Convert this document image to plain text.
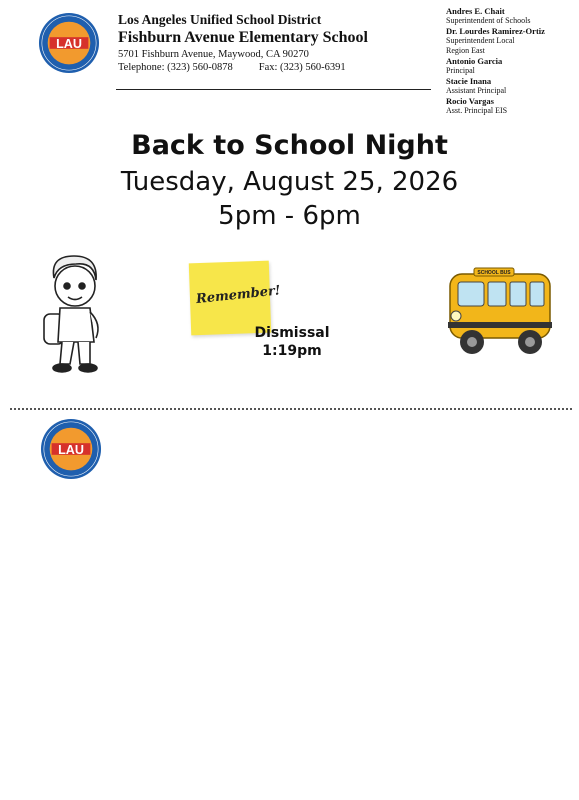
LAU
Los Angeles Unified School District
Fishburn Avenue Elementary School
5701 Fishburn Avenue, Maywood, CA 90270
Telephone: (323) 560-0878 Fax: (323) 560-6391
Andres E. Chait
Superintendent of Schools
Dr. Lourdes Ramirez-Ortiz
Superintendent Local
Region East
Antonio Garcia
Principal
Stacie Inana
Assistant Principal
Rocio Vargas
Asst. Principal EIS
Back to School Night
Tuesday, August 25, 2026
5pm - 6pm
Remember!
Dismissal
1:19pm
SCHOOL BUS
LAU
